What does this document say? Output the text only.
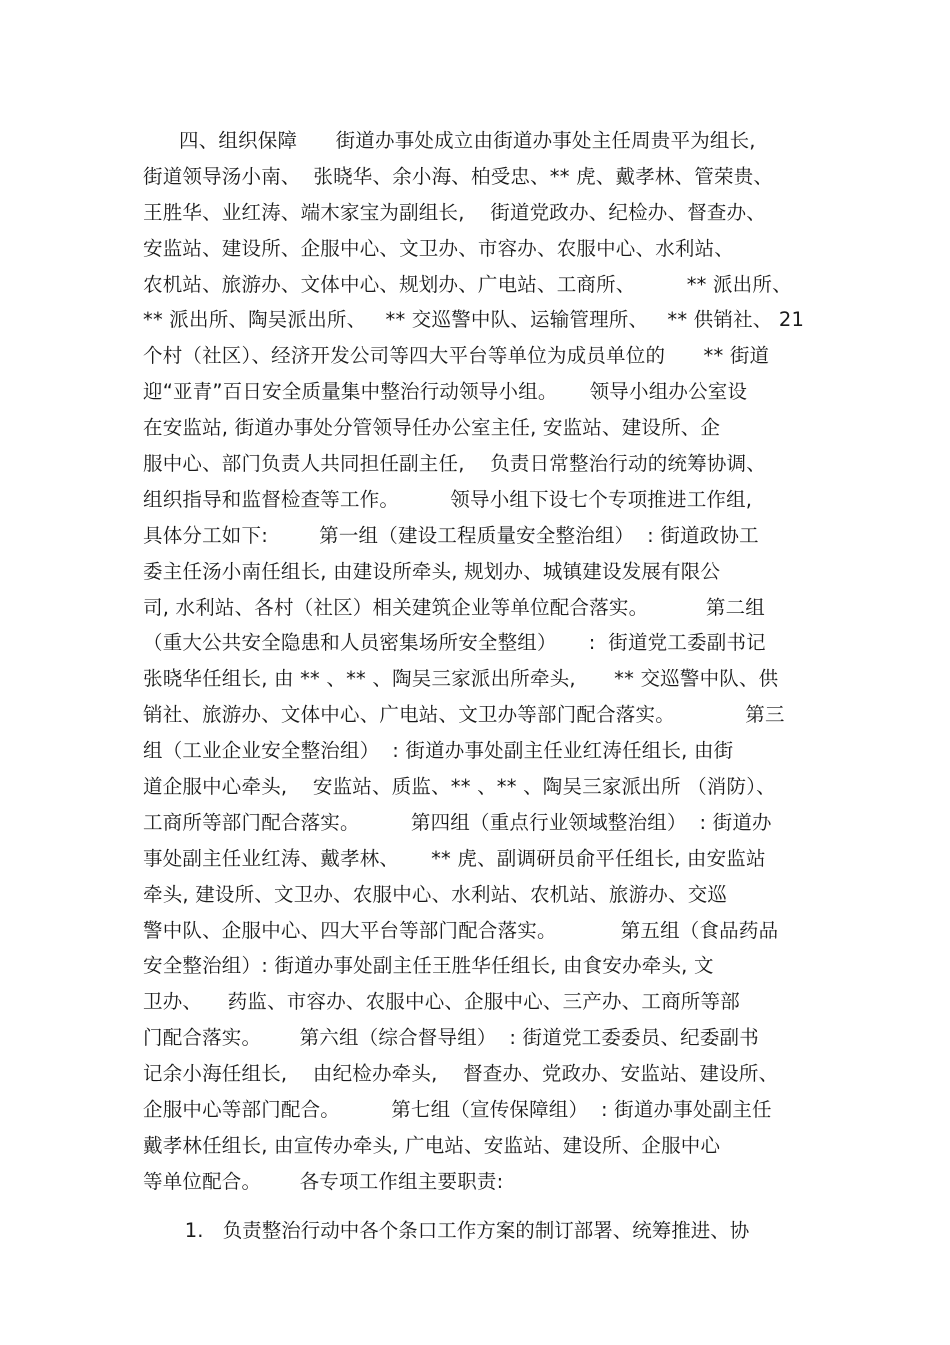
四、组织保障      街道办事处成立由街道办事处主任周贵平为组长,
街道领导汤小南、  张晓华、余小海、柏受忠、** 虎、戴孝林、管荣贵、
王胜华、业红涛、端木家宝为副组长,    街道党政办、纪检办、督查办、
安监站、建设所、企服中心、文卫办、市容办、农服中心、水利站、
农机站、旅游办、文体中心、规划办、广电站、工商所、        ** 派出所、
** 派出所、陶吴派出所、   ** 交巡警中队、运输管理所、   ** 供销社、 21
个村（社区）、经济开发公司等四大平台等单位为成员单位的      ** 街道
迎“亚青”百日安全质量集中整治行动领导小组。     领导小组办公室设
在安监站, 街道办事处分管领导任办公室主任, 安监站、建设所、企
服中心、部门负责人共同担任副主任,    负责日常整治行动的统筹协调、
组织指导和监督检查等工作。        领导小组下设七个专项推进工作组,
具体分工如下:        第一组（建设工程质量安全整治组）  : 街道政协工
委主任汤小南任组长, 由建设所牵头, 规划办、城镇建设发展有限公
司, 水利站、各村（社区）相关建筑企业等单位配合落实。         第二组
（重大公共安全隐患和人员密集场所安全整组）     :  街道党工委副书记
张晓华任组长, 由 ** 、** 、陶吴三家派出所牵头,      ** 交巡警中队、供
销社、旅游办、文体中心、广电站、文卫办等部门配合落实。           第三
组（工业企业安全整治组）  : 街道办事处副主任业红涛任组长, 由街
道企服中心牵头,    安监站、质监、** 、** 、陶吴三家派出所 （消防）、
工商所等部门配合落实。        第四组（重点行业领域整治组）  : 街道办
事处副主任业红涛、戴孝林、     ** 虎、副调研员俞平任组长, 由安监站
牵头, 建设所、文卫办、农服中心、水利站、农机站、旅游办、交巡
警中队、企服中心、四大平台等部门配合落实。          第五组（食品药品
安全整治组）: 街道办事处副主任王胜华任组长, 由食安办牵头, 文
卫办、    药监、市容办、农服中心、企服中心、三产办、工商所等部
门配合落实。      第六组（综合督导组）  : 街道党工委委员、纪委副书
记余小海任组长,    由纪检办牵头,    督查办、党政办、安监站、建设所、
企服中心等部门配合。        第七组（宣传保障组）  : 街道办事处副主任
戴孝林任组长, 由宣传办牵头, 广电站、安监站、建设所、企服中心
等单位配合。      各专项工作组主要职责:

1. 负责整治行动中各个条口工作方案的制订部署、统筹推进、协
